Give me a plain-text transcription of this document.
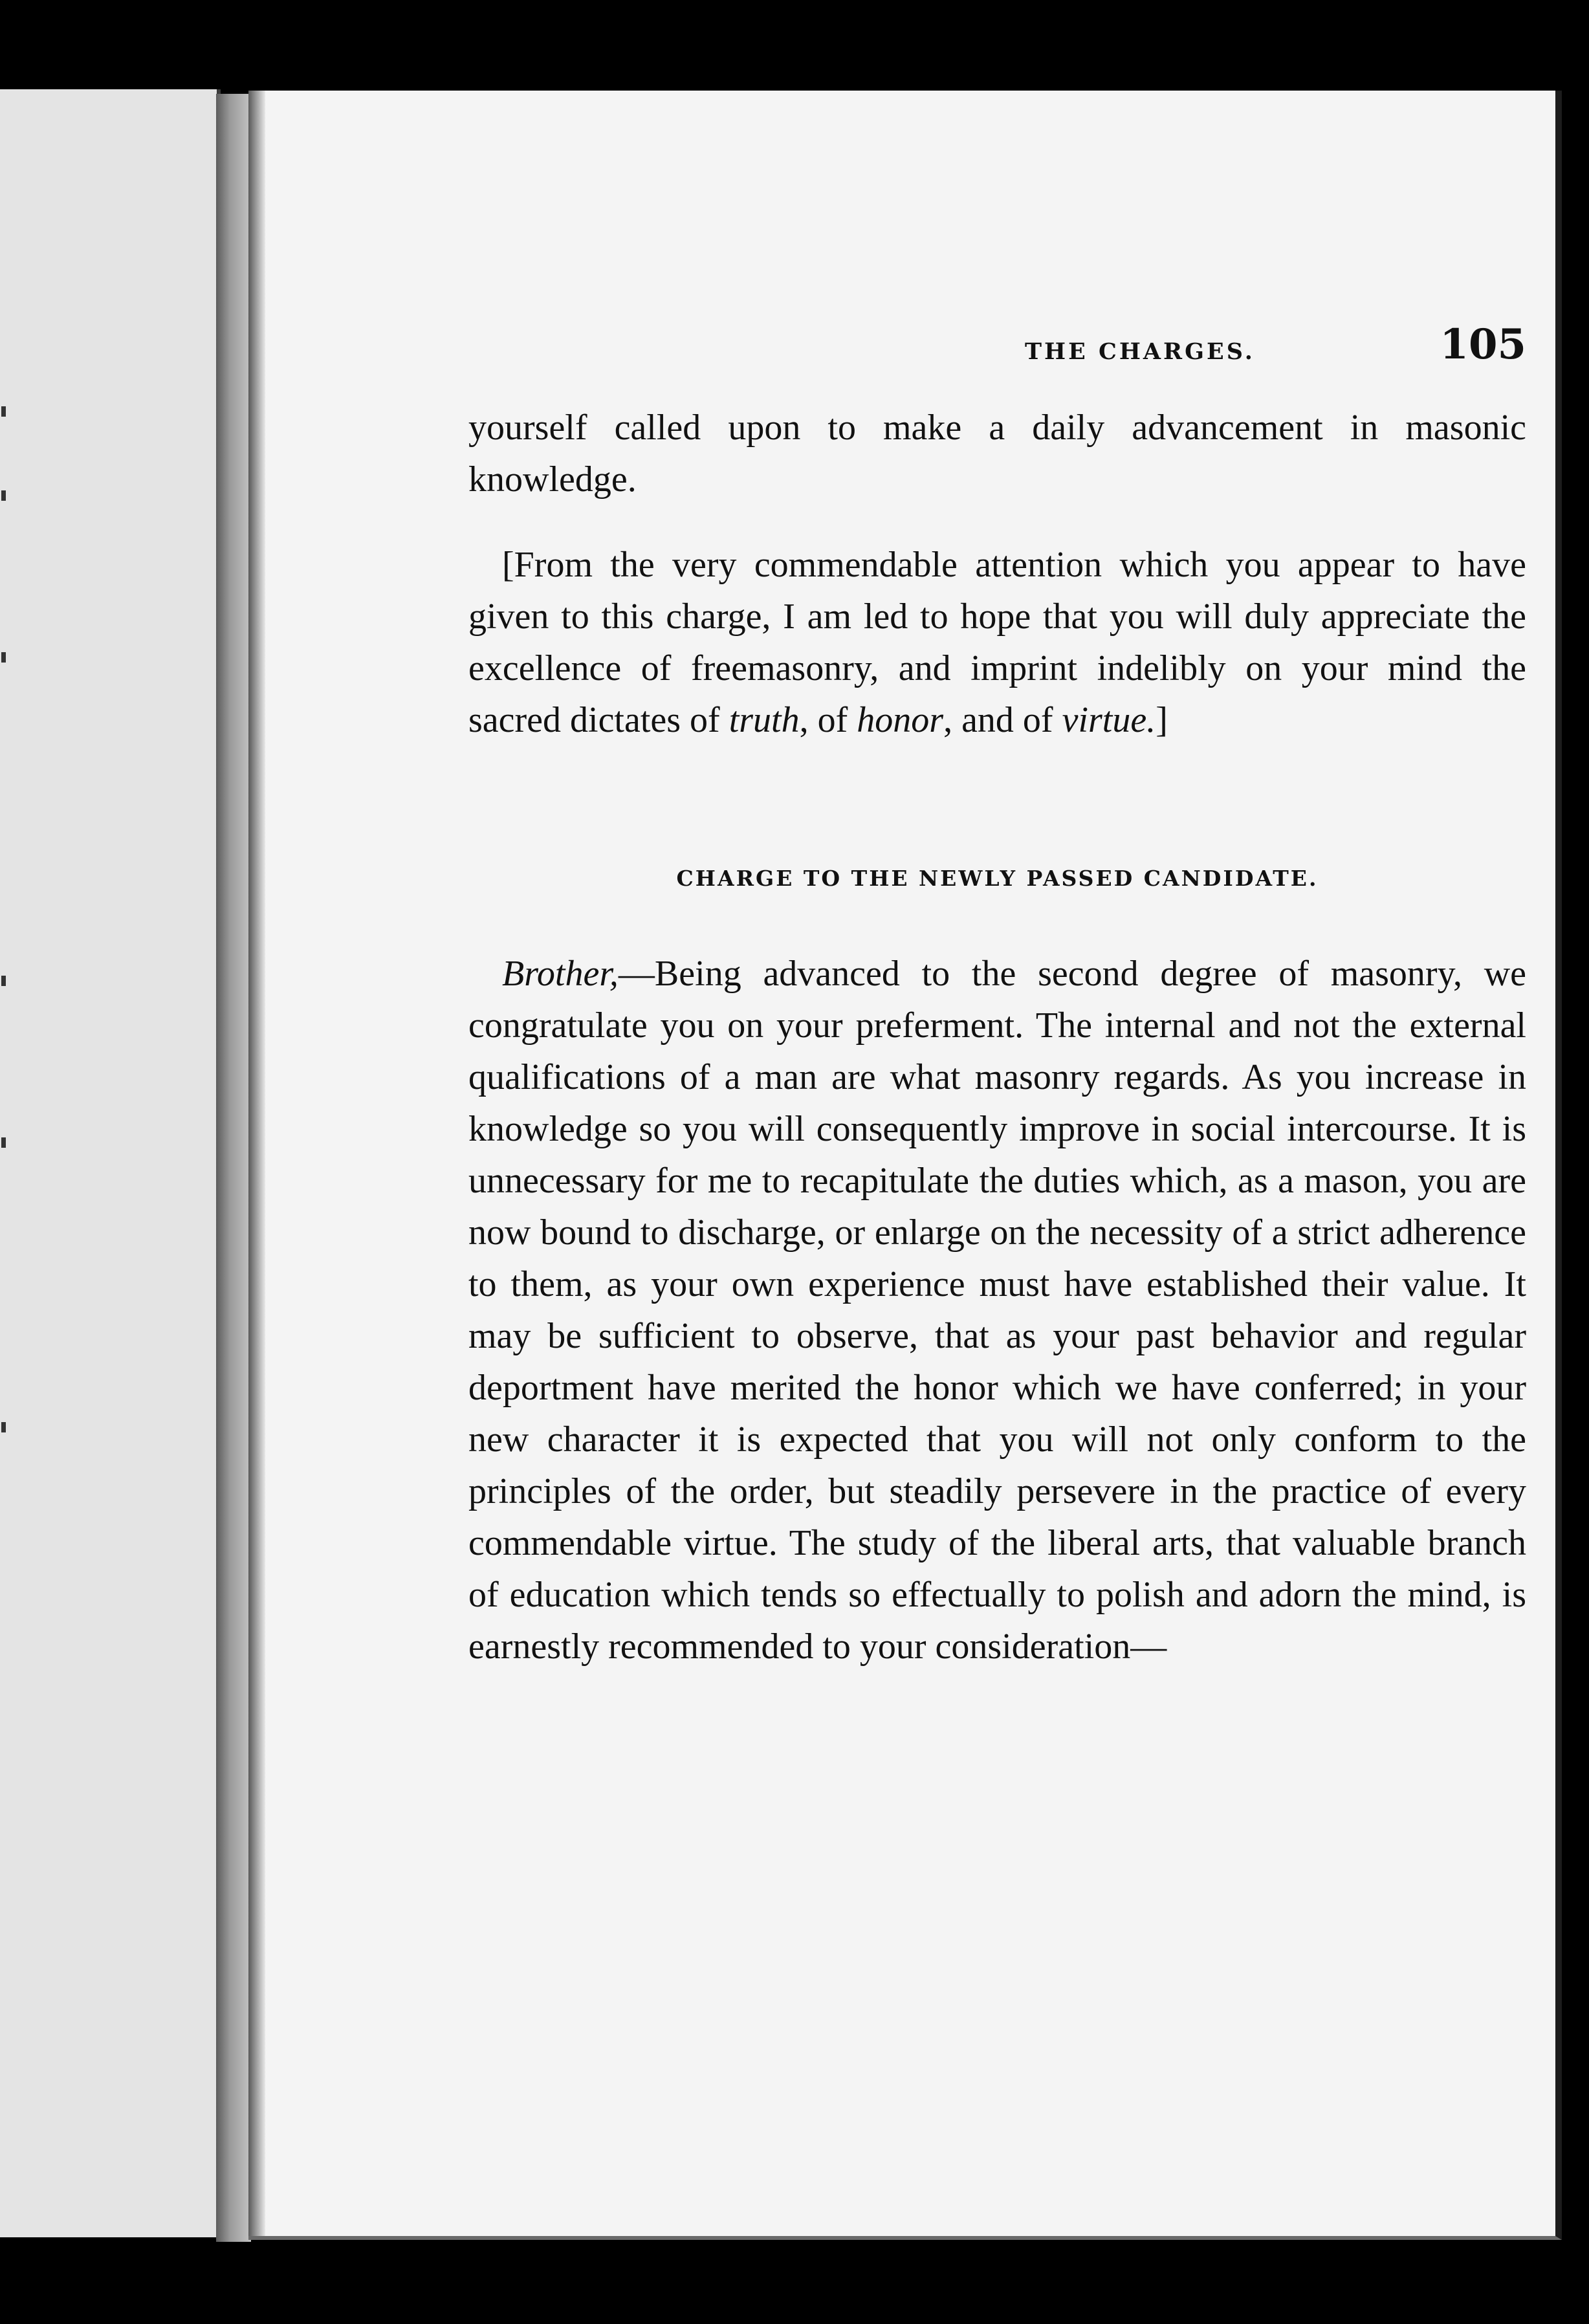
THE CHARGES.	105

yourself called upon to make a daily advancement in masonic knowledge.

[From the very commendable attention which you appear to have given to this charge, I am led to hope that you will duly appreciate the excellence of freemasonry, and imprint indelibly on your mind the sacred dictates of truth, of honor, and of virtue.]

CHARGE TO THE NEWLY PASSED CANDIDATE.

Brother,—Being advanced to the second degree of masonry, we congratulate you on your preferment. The internal and not the external qualifications of a man are what masonry regards. As you increase in knowledge so you will consequently improve in social intercourse. It is unnecessary for me to recapitulate the duties which, as a mason, you are now bound to discharge, or enlarge on the necessity of a strict adherence to them, as your own experience must have established their value. It may be sufficient to observe, that as your past behavior and regular deportment have merited the honor which we have conferred; in your new character it is expected that you will not only conform to the principles of the order, but steadily persevere in the practice of every commendable virtue. The study of the liberal arts, that valuable branch of education which tends so effectually to polish and adorn the mind, is earnestly recommended to your consideration—
